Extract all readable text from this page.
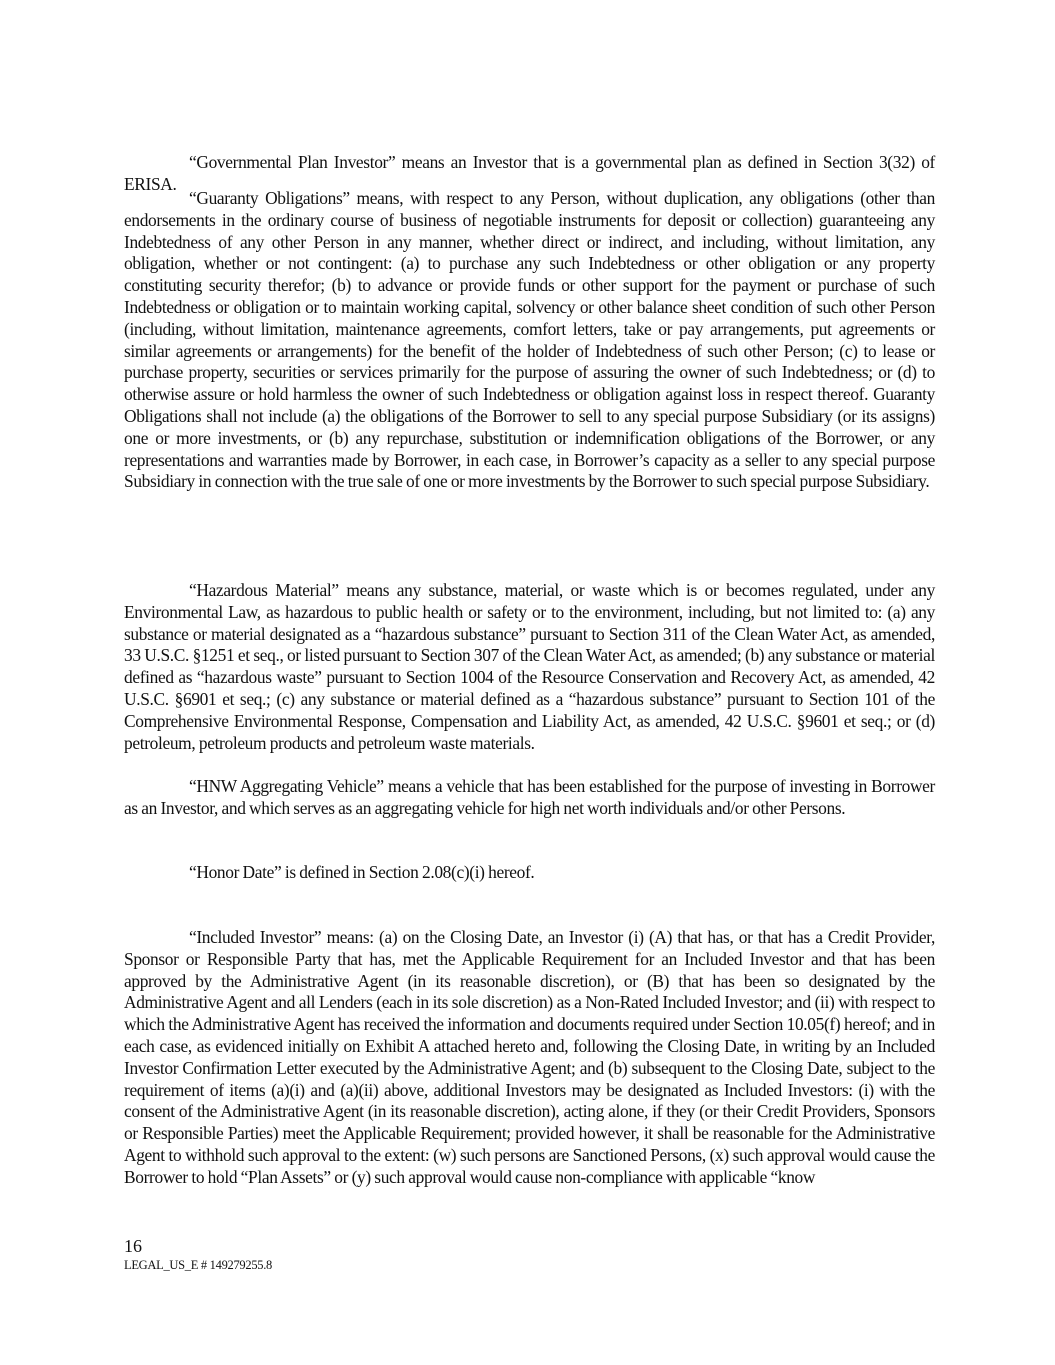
“Governmental Plan Investor” means an Investor that is a governmental plan as defined in Section 3(32) of ERISA.

“Guaranty Obligations” means, with respect to any Person, without duplication, any obligations (other than endorsements in the ordinary course of business of negotiable instruments for deposit or collection) guaranteeing any Indebtedness of any other Person in any manner, whether direct or indirect, and including, without limitation, any obligation, whether or not contingent: (a) to purchase any such Indebtedness or other obligation or any property constituting security therefor; (b) to advance or provide funds or other support for the payment or purchase of such Indebtedness or obligation or to maintain working capital, solvency or other balance sheet condition of such other Person (including, without limitation, maintenance agreements, comfort letters, take or pay arrangements, put agreements or similar agreements or arrangements) for the benefit of the holder of Indebtedness of such other Person; (c) to lease or purchase property, securities or services primarily for the purpose of assuring the owner of such Indebtedness; or (d) to otherwise assure or hold harmless the owner of such Indebtedness or obligation against loss in respect thereof. Guaranty Obligations shall not include (a) the obligations of the Borrower to sell to any special purpose Subsidiary (or its assigns) one or more investments, or (b) any repurchase, substitution or indemnification obligations of the Borrower, or any representations and warranties made by Borrower, in each case, in Borrower’s capacity as a seller to any special purpose Subsidiary in connection with the true sale of one or more investments by the Borrower to such special purpose Subsidiary.

“Hazardous Material” means any substance, material, or waste which is or becomes regulated, under any Environmental Law, as hazardous to public health or safety or to the environment, including, but not limited to: (a) any substance or material designated as a “hazardous substance” pursuant to Section 311 of the Clean Water Act, as amended, 33 U.S.C. §1251 et seq., or listed pursuant to Section 307 of the Clean Water Act, as amended; (b) any substance or material defined as “hazardous waste” pursuant to Section 1004 of the Resource Conservation and Recovery Act, as amended, 42 U.S.C. §6901 et seq.; (c) any substance or material defined as a “hazardous substance” pursuant to Section 101 of the Comprehensive Environmental Response, Compensation and Liability Act, as amended, 42 U.S.C. §9601 et seq.; or (d) petroleum, petroleum products and petroleum waste materials.

“HNW Aggregating Vehicle” means a vehicle that has been established for the purpose of investing in Borrower as an Investor, and which serves as an aggregating vehicle for high net worth individuals and/or other Persons.

“Honor Date” is defined in Section 2.08(c)(i) hereof.

“Included Investor” means: (a) on the Closing Date, an Investor (i) (A) that has, or that has a Credit Provider, Sponsor or Responsible Party that has, met the Applicable Requirement for an Included Investor and that has been approved by the Administrative Agent (in its reasonable discretion), or (B) that has been so designated by the Administrative Agent and all Lenders (each in its sole discretion) as a Non-Rated Included Investor; and (ii) with respect to which the Administrative Agent has received the information and documents required under Section 10.05(f) hereof; and in each case, as evidenced initially on Exhibit A attached hereto and, following the Closing Date, in writing by an Included Investor Confirmation Letter executed by the Administrative Agent; and (b) subsequent to the Closing Date, subject to the requirement of items (a)(i) and (a)(ii) above, additional Investors may be designated as Included Investors: (i) with the consent of the Administrative Agent (in its reasonable discretion), acting alone, if they (or their Credit Providers, Sponsors or Responsible Parties) meet the Applicable Requirement; provided however, it shall be reasonable for the Administrative Agent to withhold such approval to the extent: (w) such persons are Sanctioned Persons, (x) such approval would cause the Borrower to hold “Plan Assets” or (y) such approval would cause non-compliance with applicable “know

16
LEGAL_US_E # 149279255.8
